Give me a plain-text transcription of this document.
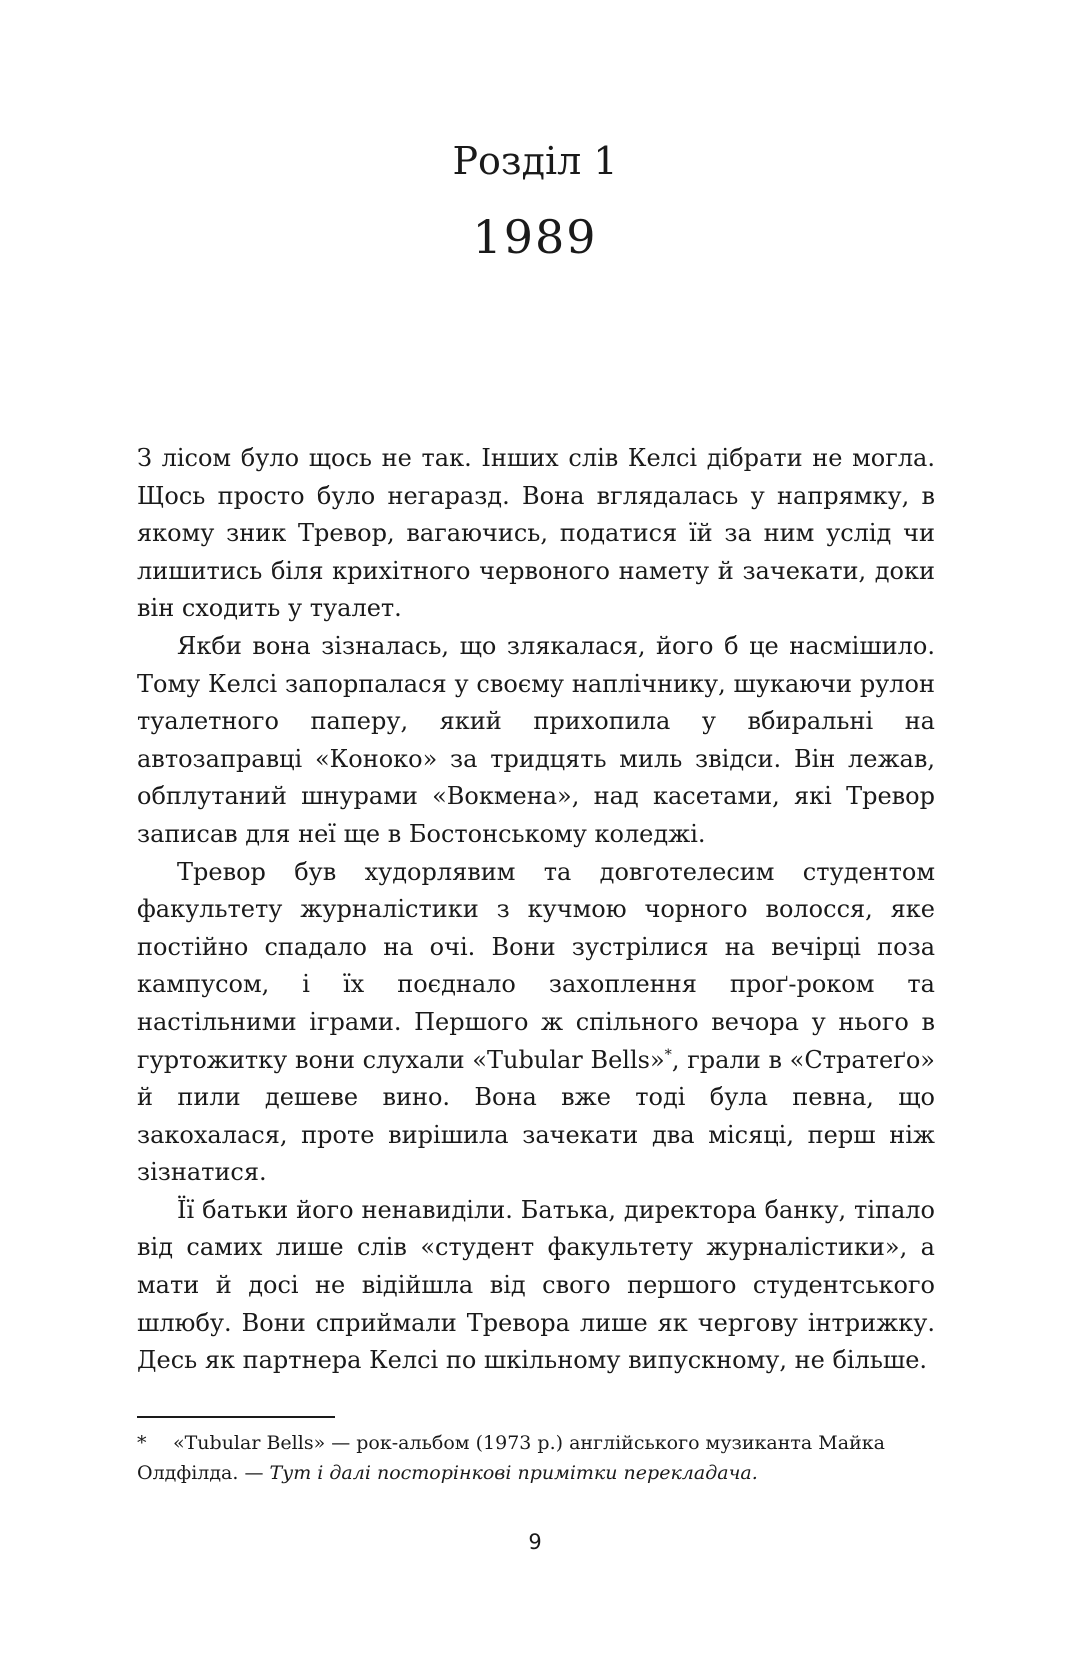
Розділ 1
1989

З лісом було щось не так. Інших слів Келсі дібрати не могла. Щось просто було негаразд. Вона вглядалась у напрямку, в якому зник Тревор, вагаючись, податися їй за ним услід чи лишитись біля крихітного червоного намету й зачекати, доки він сходить у туалет.

Якби вона зізналась, що злякалася, його б це насмішило. Тому Келсі запорпалася у своєму наплічнику, шукаючи рулон туалетного паперу, який прихопила у вбиральні на автозаправці «Коноко» за тридцять миль звідси. Він лежав, обплутаний шнурами «Вокмена», над касетами, які Тревор записав для неї ще в Бостонському коледжі.

Тревор був худорлявим та довготелесим студентом факультету журналістики з кучмою чорного волосся, яке постійно спадало на очі. Вони зустрілися на вечірці поза кампусом, і їх поєднало захоплення проґ-роком та настільними іграми. Першого ж спільного вечора у нього в гуртожитку вони слухали «Tubular Bells»*, грали в «Стратеґо» й пили дешеве вино. Вона вже тоді була певна, що закохалася, проте вирішила зачекати два місяці, перш ніж зізнатися.

Її батьки його ненавиділи. Батька, директора банку, тіпало від самих лише слів «студент факультету журналістики», а мати й досі не відійшла від свого першого студентського шлюбу. Вони сприймали Тревора лише як чергову інтрижку. Десь як партнера Келсі по шкільному випускному, не більше.

* «Tubular Bells» — рок-альбом (1973 р.) англійського музиканта Майка Олдфілда. — Тут і далі посторінкові примітки перекладача.
9
